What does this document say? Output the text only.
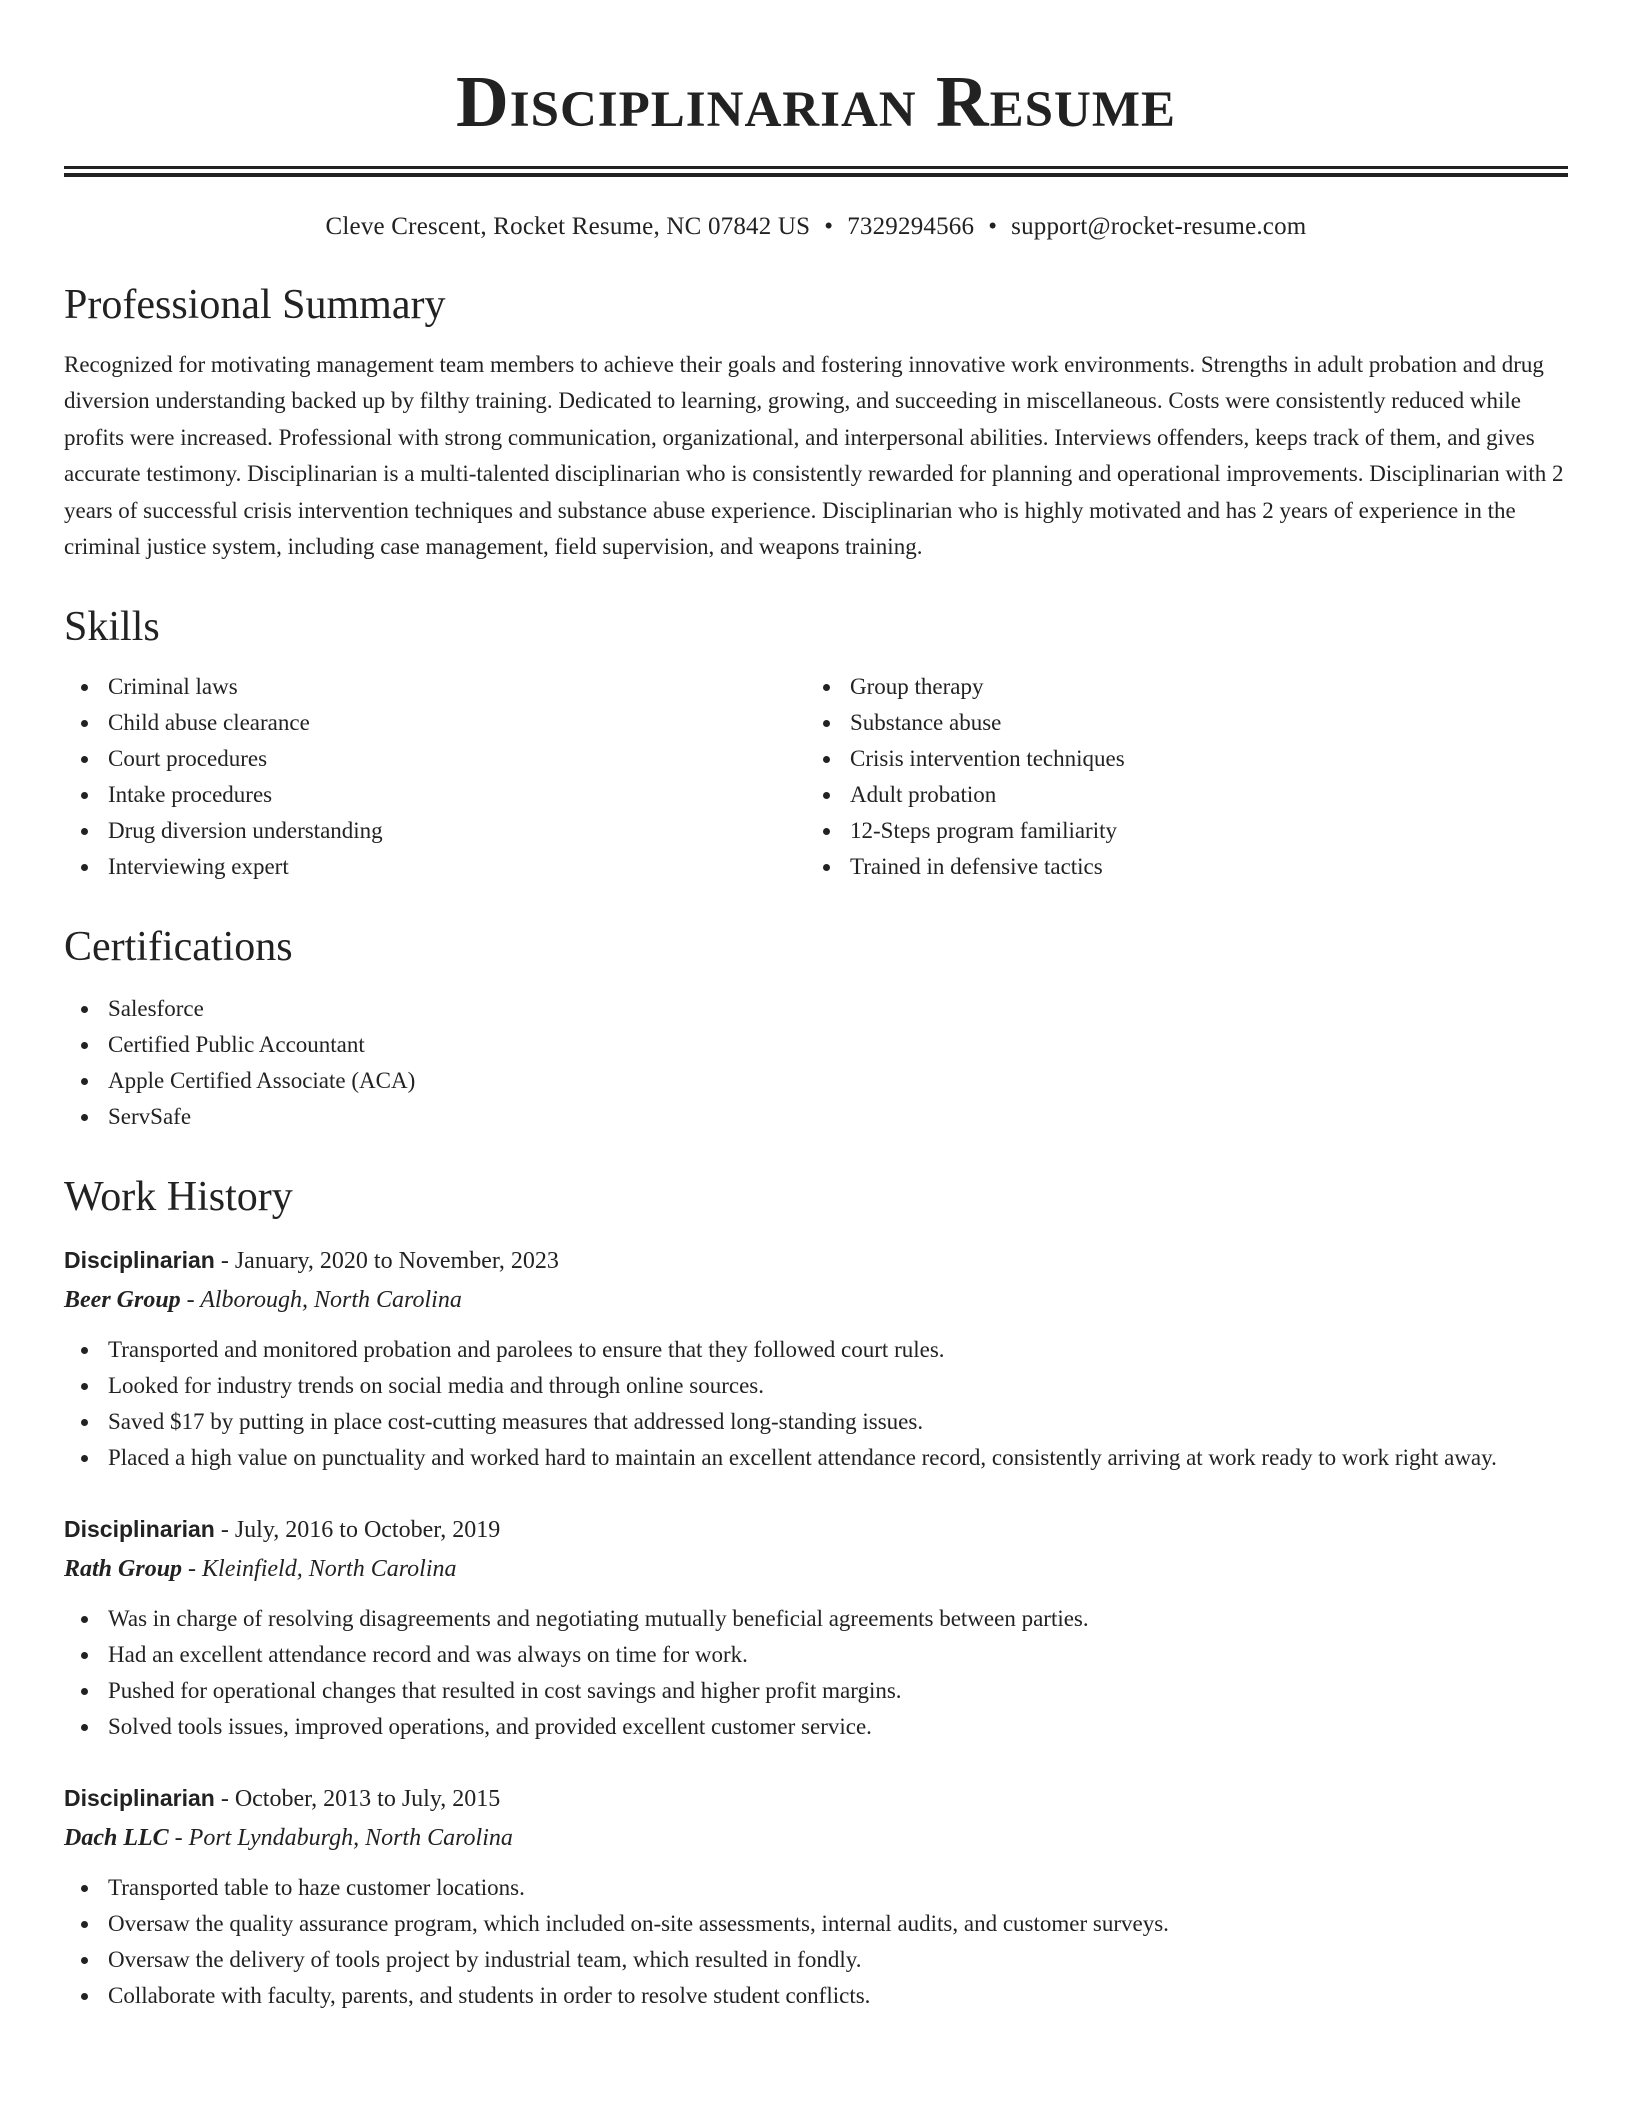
Disciplinarian Resume
Cleve Crescent, Rocket Resume, NC 07842 US • 7329294566 • support@rocket-resume.com
Professional Summary

Recognized for motivating management team members to achieve their goals and fostering innovative work environments. Strengths in adult probation and drug diversion understanding backed up by filthy training. Dedicated to learning, growing, and succeeding in miscellaneous. Costs were consistently reduced while profits were increased. Professional with strong communication, organizational, and interpersonal abilities. Interviews offenders, keeps track of them, and gives accurate testimony. Disciplinarian is a multi-talented disciplinarian who is consistently rewarded for planning and operational improvements. Disciplinarian with 2 years of successful crisis intervention techniques and substance abuse experience. Disciplinarian who is highly motivated and has 2 years of experience in the criminal justice system, including case management, field supervision, and weapons training.

Skills
Criminal laws
Child abuse clearance
Court procedures
Intake procedures
Drug diversion understanding
Interviewing expert
Group therapy
Substance abuse
Crisis intervention techniques
Adult probation
12-Steps program familiarity
Trained in defensive tactics
Certifications
Salesforce
Certified Public Accountant
Apple Certified Associate (ACA)
ServSafe
Work History
Disciplinarian - January, 2020 to November, 2023
Beer Group - Alborough, North Carolina
Transported and monitored probation and parolees to ensure that they followed court rules.
Looked for industry trends on social media and through online sources.
Saved $17 by putting in place cost-cutting measures that addressed long-standing issues.
Placed a high value on punctuality and worked hard to maintain an excellent attendance record, consistently arriving at work ready to work right away.
Disciplinarian - July, 2016 to October, 2019
Rath Group - Kleinfield, North Carolina
Was in charge of resolving disagreements and negotiating mutually beneficial agreements between parties.
Had an excellent attendance record and was always on time for work.
Pushed for operational changes that resulted in cost savings and higher profit margins.
Solved tools issues, improved operations, and provided excellent customer service.
Disciplinarian - October, 2013 to July, 2015
Dach LLC - Port Lyndaburgh, North Carolina
Transported table to haze customer locations.
Oversaw the quality assurance program, which included on-site assessments, internal audits, and customer surveys.
Oversaw the delivery of tools project by industrial team, which resulted in fondly.
Collaborate with faculty, parents, and students in order to resolve student conflicts.
